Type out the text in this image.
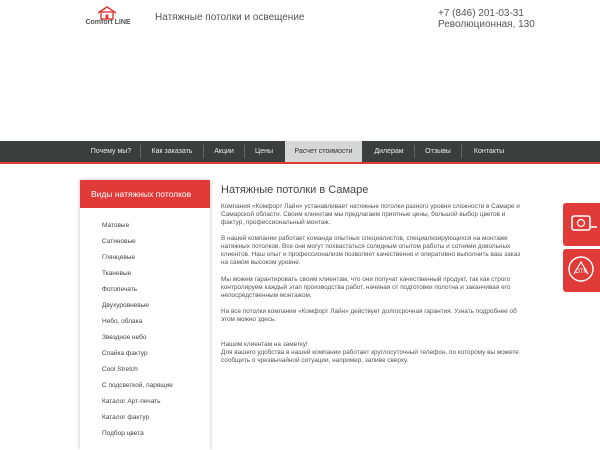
Comfort LINE	Натяжные потолки и освещение	+7 (846) 201-03-31
Революционная, 130
Почему мы?	Как заказать	Акции	Цены	Расчет стоимости	Дилерам	Отзывы	Контакты
Виды натяжных потолков
Матовые
Сатиновые
Глянцевые
Тканевые
Фотопечать
Двухуровневые
Небо, облака
Звездное небо
Спайка фактур
Cool Stretch
С подсветкой, парящие
Каталог Арт-печать
Каталог фактур
Подбор цвета
Натяжные потолки в Самаре
Компания «Комфорт Лайн» устанавливает натяжные потолки разного уровня сложности в Самаре и Самарской области. Своим клиентам мы предлагаем приятные цены, большой выбор цветов и фактур, профессиональный монтаж.
В нашей компании работает команда опытных специалистов, специализирующихся на монтаже натяжных потолков. Все они могут похвастаться солидным опытом работы и сотнями довольных клиентов. Наш опыт и профессионализм позволяет качественно и оперативно выполнить ваш заказ на самом высоком уровне.
Мы можем гарантировать своим клиентам, что они получат качественный продукт, так как строго контролируем каждый этап производства работ, начиная от подготовки полотна и заканчивая его непосредственным монтажом.
На все потолки компании «Комфорт Лайн» действует долгосрочная гарантия. Узнать подробнее об этом можно здесь.
Нашим клиентам на заметку!
Для вашего удобства в нашей компании работает круглосуточный телефон, по которому вы можете сообщить о чрезвычайной ситуации, например, заливе сверху.
ОТК
